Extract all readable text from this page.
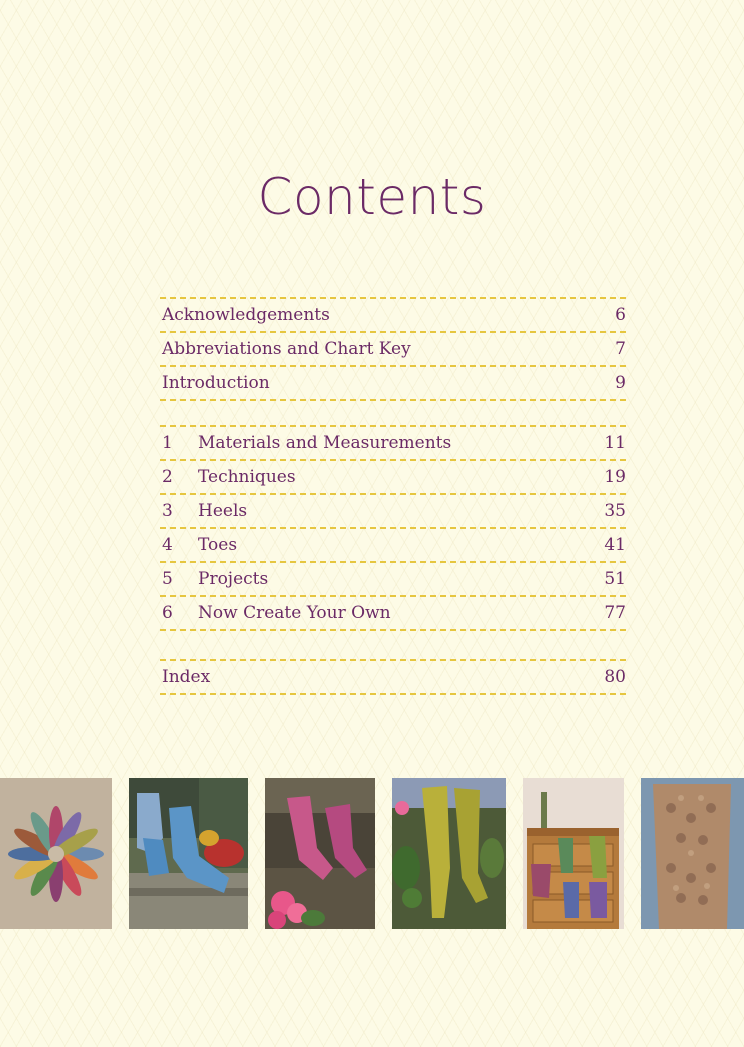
Contents
Acknowledgements	6
Abbreviations and Chart Key	7
Introduction	9
1	Materials and Measurements	11
2	Techniques	19
3	Heels	35
4	Toes	41
5	Projects	51
6	Now Create Your Own	77
Index	80
